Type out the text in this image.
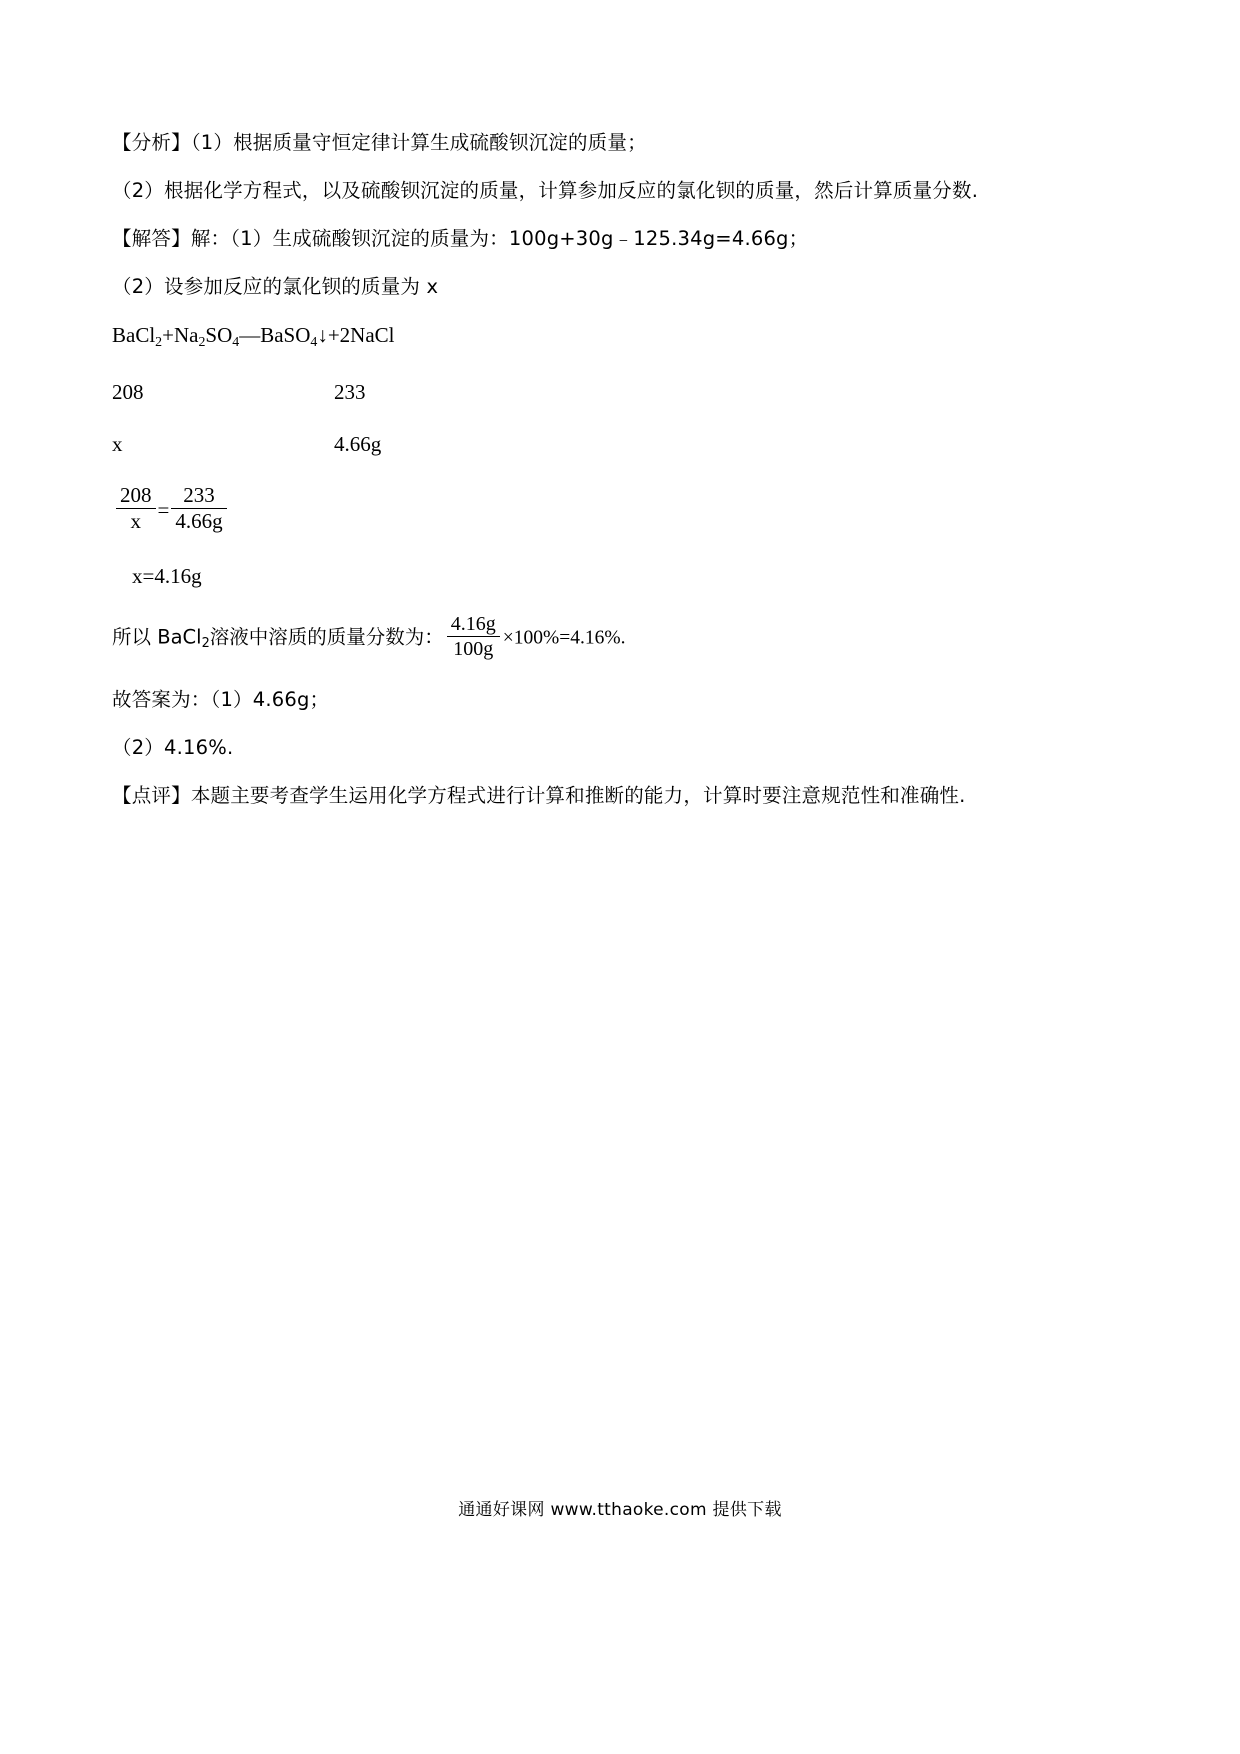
【分析】（1）根据质量守恒定律计算生成硫酸钡沉淀的质量；
（2）根据化学方程式，以及硫酸钡沉淀的质量，计算参加反应的氯化钡的质量，然后计算质量分数.
【解答】解：（1）生成硫酸钡沉淀的质量为：100g+30g﹣125.34g=4.66g；
（2）设参加反应的氯化钡的质量为 x
$BaCl_2+Na_2SO_4—BaSO_4↓+2NaCl$
208	233
x	4.66g
$\frac{208}{x} = \frac{233}{4.66g}$
x=4.16g
所以 BaCl$_2$溶液中溶质的质量分数为： $\frac{4.16g}{100g} \times 100\%=4.16\%$.
故答案为：（1）4.66g；
（2）4.16%.
【点评】本题主要考查学生运用化学方程式进行计算和推断的能力，计算时要注意规范性和准确性.
通通好课网 www.tthaoke.com 提供下载
